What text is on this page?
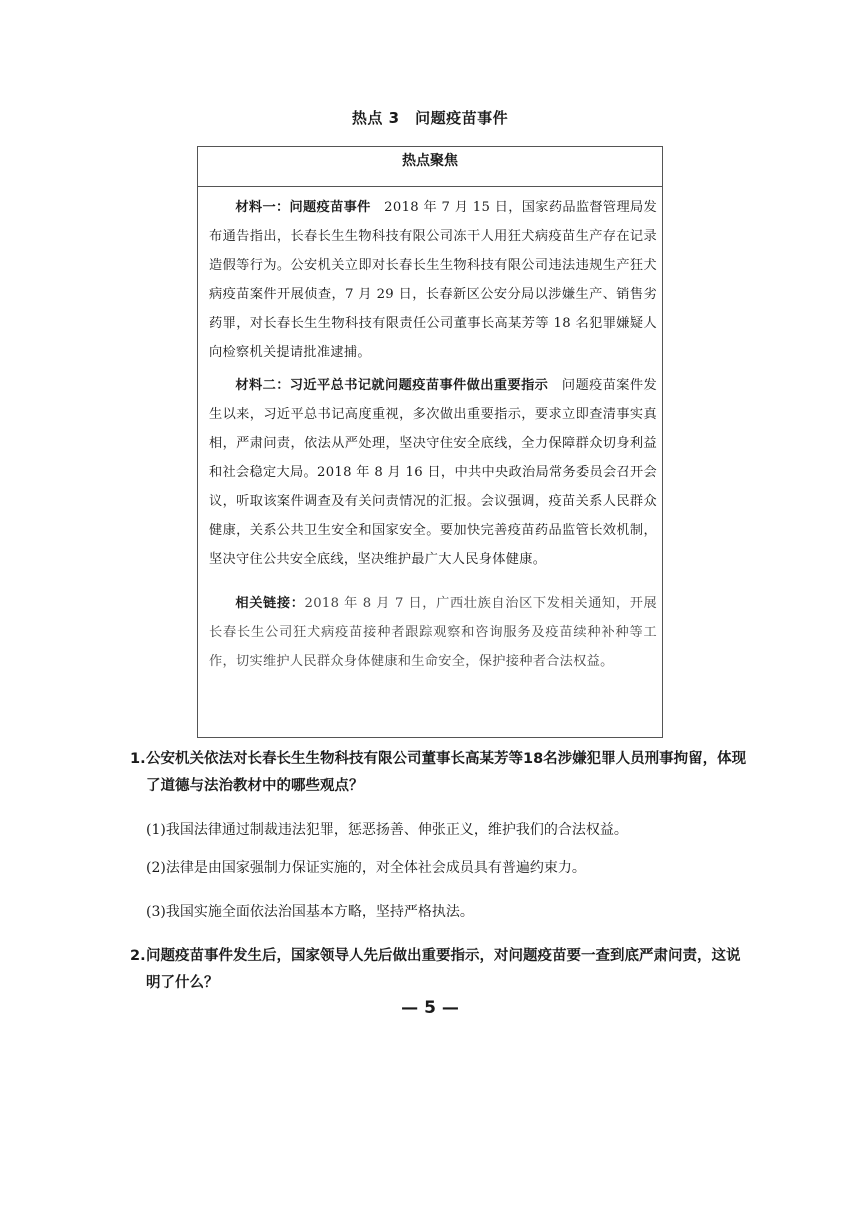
热点 3　问题疫苗事件
热点聚焦
材料一：问题疫苗事件　2018 年 7 月 15 日，国家药品监督管理局发布通告指出，长春长生生物科技有限公司冻干人用狂犬病疫苗生产存在记录造假等行为。公安机关立即对长春长生生物科技有限公司违法违规生产狂犬病疫苗案件开展侦查，7 月 29 日，长春新区公安分局以涉嫌生产、销售劣药罪，对长春长生生物科技有限责任公司董事长高某芳等 18 名犯罪嫌疑人向检察机关提请批准逮捕。
材料二：习近平总书记就问题疫苗事件做出重要指示　问题疫苗案件发生以来，习近平总书记高度重视，多次做出重要指示，要求立即查清事实真相，严肃问责，依法从严处理，坚决守住安全底线，全力保障群众切身利益和社会稳定大局。2018 年 8 月 16 日，中共中央政治局常务委员会召开会议，听取该案件调查及有关问责情况的汇报。会议强调，疫苗关系人民群众健康，关系公共卫生安全和国家安全。要加快完善疫苗药品监管长效机制，坚决守住公共安全底线，坚决维护最广大人民身体健康。
相关链接：2018 年 8 月 7 日，广西壮族自治区下发相关通知，开展长春长生公司狂犬病疫苗接种者跟踪观察和咨询服务及疫苗续种补种等工作，切实维护人民群众身体健康和生命安全，保护接种者合法权益。
1. 公安机关依法对长春长生生物科技有限公司董事长高某芳等18名涉嫌犯罪人员刑事拘留，体现了道德与法治教材中的哪些观点？
(1)我国法律通过制裁违法犯罪，惩恶扬善、伸张正义，维护我们的合法权益。
(2)法律是由国家强制力保证实施的，对全体社会成员具有普遍约束力。
(3)我国实施全面依法治国基本方略，坚持严格执法。
2. 问题疫苗事件发生后，国家领导人先后做出重要指示，对问题疫苗要一查到底严肃问责，这说明了什么？
— 5 —
